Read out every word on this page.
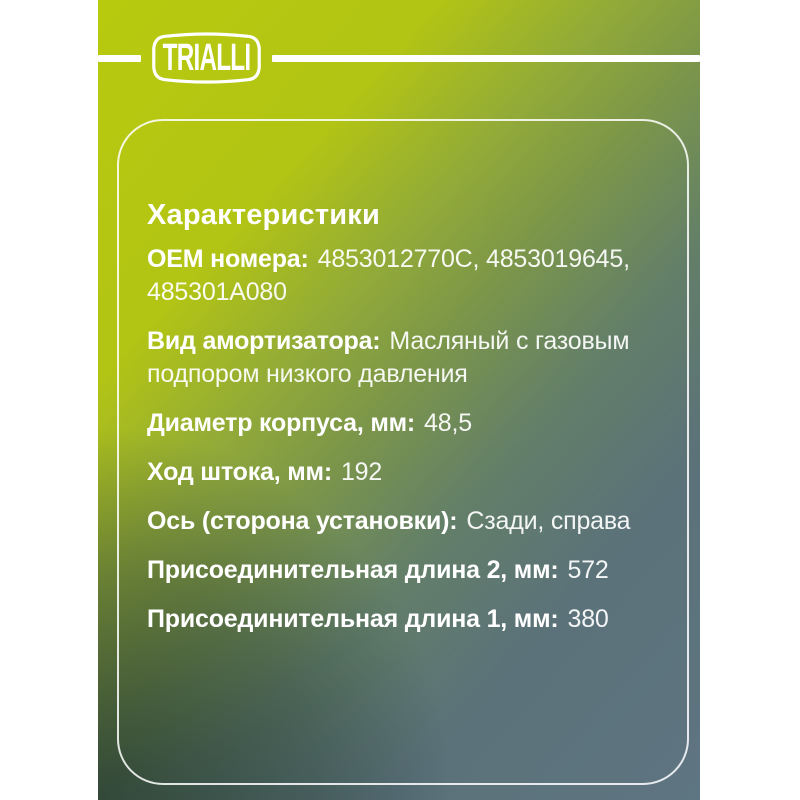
TRIALLI
Характеристики

OEM номера: 4853012770C, 4853019645, 485301A080

Вид амортизатора: Масляный с газовым подпором низкого давления

Диаметр корпуса, мм: 48,5

Ход штока, мм: 192

Ось (сторона установки): Сзади, справа

Присоединительная длина 2, мм: 572

Присоединительная длина 1, мм: 380
